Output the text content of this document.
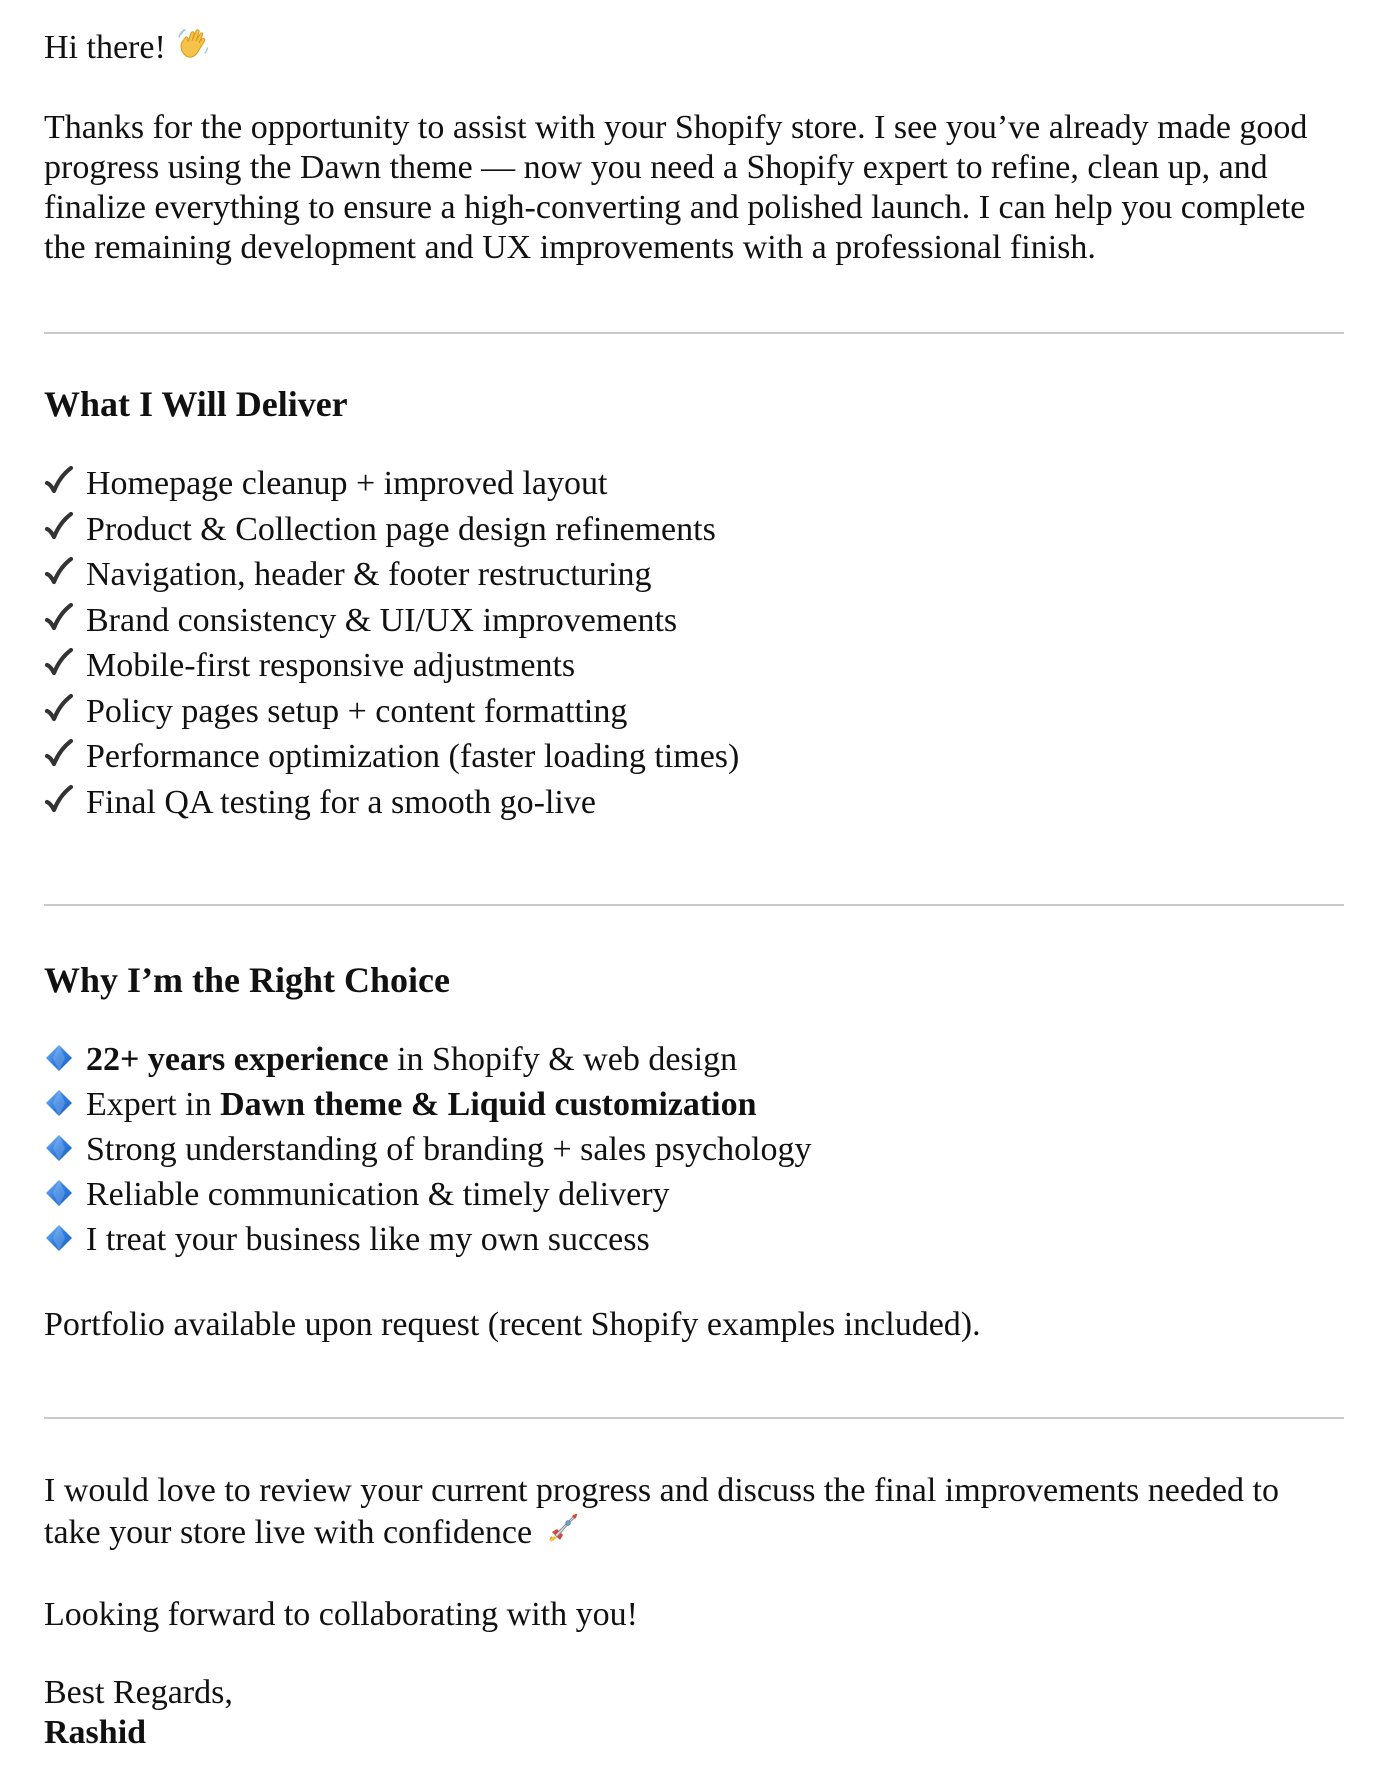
Hi there!

Thanks for the opportunity to assist with your Shopify store. I see you’ve already made good progress using the Dawn theme — now you need a Shopify expert to refine, clean up, and finalize everything to ensure a high-converting and polished launch. I can help you complete the remaining development and UX improvements with a professional finish.

What I Will Deliver
Homepage cleanup + improved layout
Product & Collection page design refinements
Navigation, header & footer restructuring
Brand consistency & UI/UX improvements
Mobile-first responsive adjustments
Policy pages setup + content formatting
Performance optimization (faster loading times)
Final QA testing for a smooth go-live
Why I’m the Right Choice
22+ years experience in Shopify & web design
Expert in Dawn theme & Liquid customization
Strong understanding of branding + sales psychology
Reliable communication & timely delivery
I treat your business like my own success

Portfolio available upon request (recent Shopify examples included).

I would love to review your current progress and discuss the final improvements needed to take your store live with confidence

Looking forward to collaborating with you!

Best Regards,

Rashid
